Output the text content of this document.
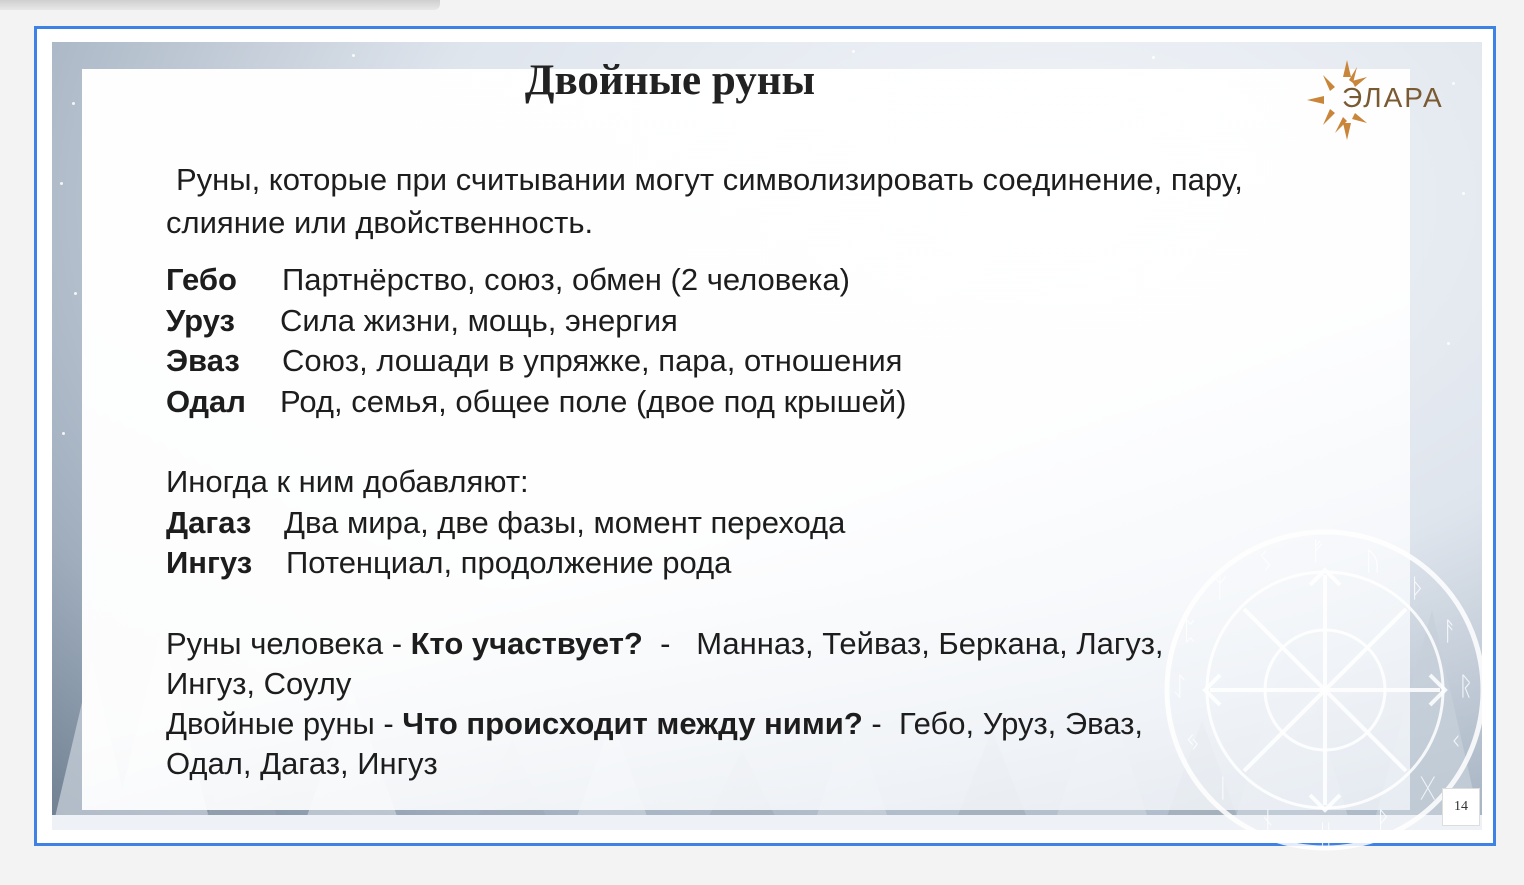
ᚠ ᚢ
ᚦ
ᚨ
ᚱ
ᚲ
ᚷ
ᚹ
ᚺ
ᚾ
ᛁ
ᛃ
ᛇ
ᛈ
ᛉ
ᛊ
Двойные руны	ЭЛАРА
Руны, которые при считывании могут символизировать соединение, пару, слияние или двойственность.
Гебо Партнёрство, союз, обмен (2 человека)
Уруз Сила жизни, мощь, энергия
Эваз Союз, лошади в упряжке, пара, отношения
Одал Род, семья, общее поле (двое под крышей)
Иногда к ним добавляют:
Дагаз Два мира, две фазы, момент перехода
Ингуз Потенциал, продолжение рода
Руны человека - Кто участвует?  -   Манназ, Тейваз, Беркана, Лагуз,
Ингуз, Соулу
Двойные руны - Что происходит между ними? -  Гебо, Уруз, Эваз,
Одал, Дагаз, Ингуз
14
